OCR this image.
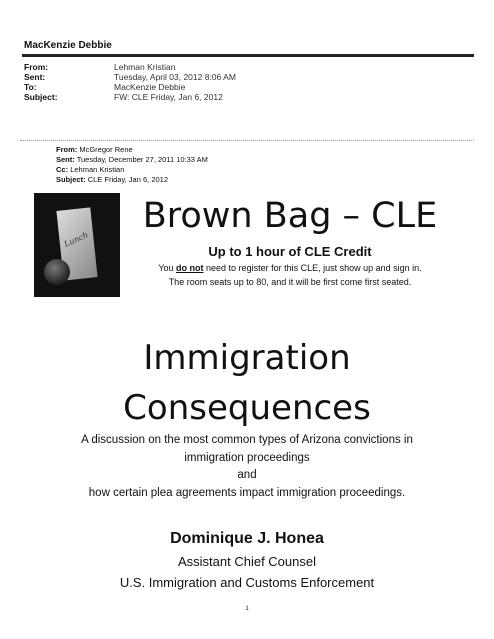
MacKenzie Debbie
From:	Lehman Kristian
Sent:	Tuesday, April 03, 2012 8:06 AM
To:	MacKenzie Debbie
Subject:	FW: CLE Friday, Jan 6, 2012
From: McGregor Rene
Sent: Tuesday, December 27, 2011 10:33 AM
Cc: Lehman Kristian
Subject: CLE Friday, Jan 6, 2012
Lunch
Brown Bag – CLE
Up to 1 hour of CLE Credit
You do not need to register for this CLE, just show up and sign in.
The room seats up to 80, and it will be first come first seated.
Immigration
Consequences
A discussion on the most common types of Arizona convictions in
immigration proceedings
and
how certain plea agreements impact immigration proceedings.
Dominique J. Honea
Assistant Chief Counsel
U.S. Immigration and Customs Enforcement
1
